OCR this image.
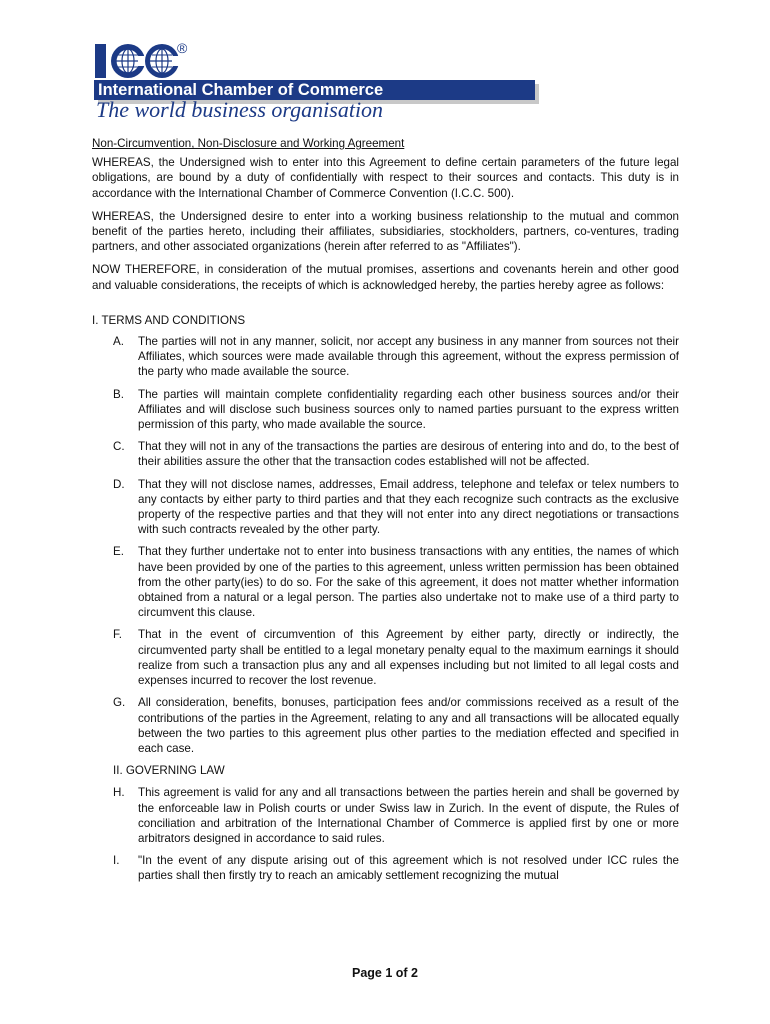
®
International Chamber of Commerce
The world business organisation
Non-Circumvention, Non-Disclosure and Working Agreement

WHEREAS, the Undersigned wish to enter into this Agreement to define certain parameters of the future legal obligations, are bound by a duty of confidentially with respect to their sources and contacts. This duty is in accordance with the International Chamber of Commerce Convention (I.C.C. 500).

WHEREAS, the Undersigned desire to enter into a working business relationship to the mutual and common benefit of the parties hereto, including their affiliates, subsidiaries, stockholders, partners, co-ventures, trading partners, and other associated organizations (herein after referred to as "Affiliates").

NOW THEREFORE, in consideration of the mutual promises, assertions and covenants herein and other good and valuable considerations, the receipts of which is acknowledged hereby, the parties hereby agree as follows:

I. TERMS AND CONDITIONS
A. The parties will not in any manner, solicit, nor accept any business in any manner from sources not their Affiliates, which sources were made available through this agreement, without the express permission of the party who made available the source.
B. The parties will maintain complete confidentiality regarding each other business sources and/or their Affiliates and will disclose such business sources only to named parties pursuant to the express written permission of this party, who made available the source.
C. That they will not in any of the transactions the parties are desirous of entering into and do, to the best of their abilities assure the other that the transaction codes established will not be affected.
D. That they will not disclose names, addresses, Email address, telephone and telefax or telex numbers to any contacts by either party to third parties and that they each recognize such contracts as the exclusive property of the respective parties and that they will not enter into any direct negotiations or transactions with such contracts revealed by the other party.
E. That they further undertake not to enter into business transactions with any entities, the names of which have been provided by one of the parties to this agreement, unless written permission has been obtained from the other party(ies) to do so. For the sake of this agreement, it does not matter whether information obtained from a natural or a legal person. The parties also undertake not to make use of a third party to circumvent this clause.
F. That in the event of circumvention of this Agreement by either party, directly or indirectly, the circumvented party shall be entitled to a legal monetary penalty equal to the maximum earnings it should realize from such a transaction plus any and all expenses including but not limited to all legal costs and expenses incurred to recover the lost revenue.
G. All consideration, benefits, bonuses, participation fees and/or commissions received as a result of the contributions of the parties in the Agreement, relating to any and all transactions will be allocated equally between the two parties to this agreement plus other parties to the mediation effected and specified in each case.
II. GOVERNING LAW
H. This agreement is valid for any and all transactions between the parties herein and shall be governed by the enforceable law in Polish courts or under Swiss law in Zurich. In the event of dispute, the Rules of conciliation and arbitration of the International Chamber of Commerce is applied first by one or more arbitrators designed in accordance to said rules.
I. "In the event of any dispute arising out of this agreement which is not resolved under ICC rules the parties shall then firstly try to reach an amicably settlement recognizing the mutual
Page 1 of 2
